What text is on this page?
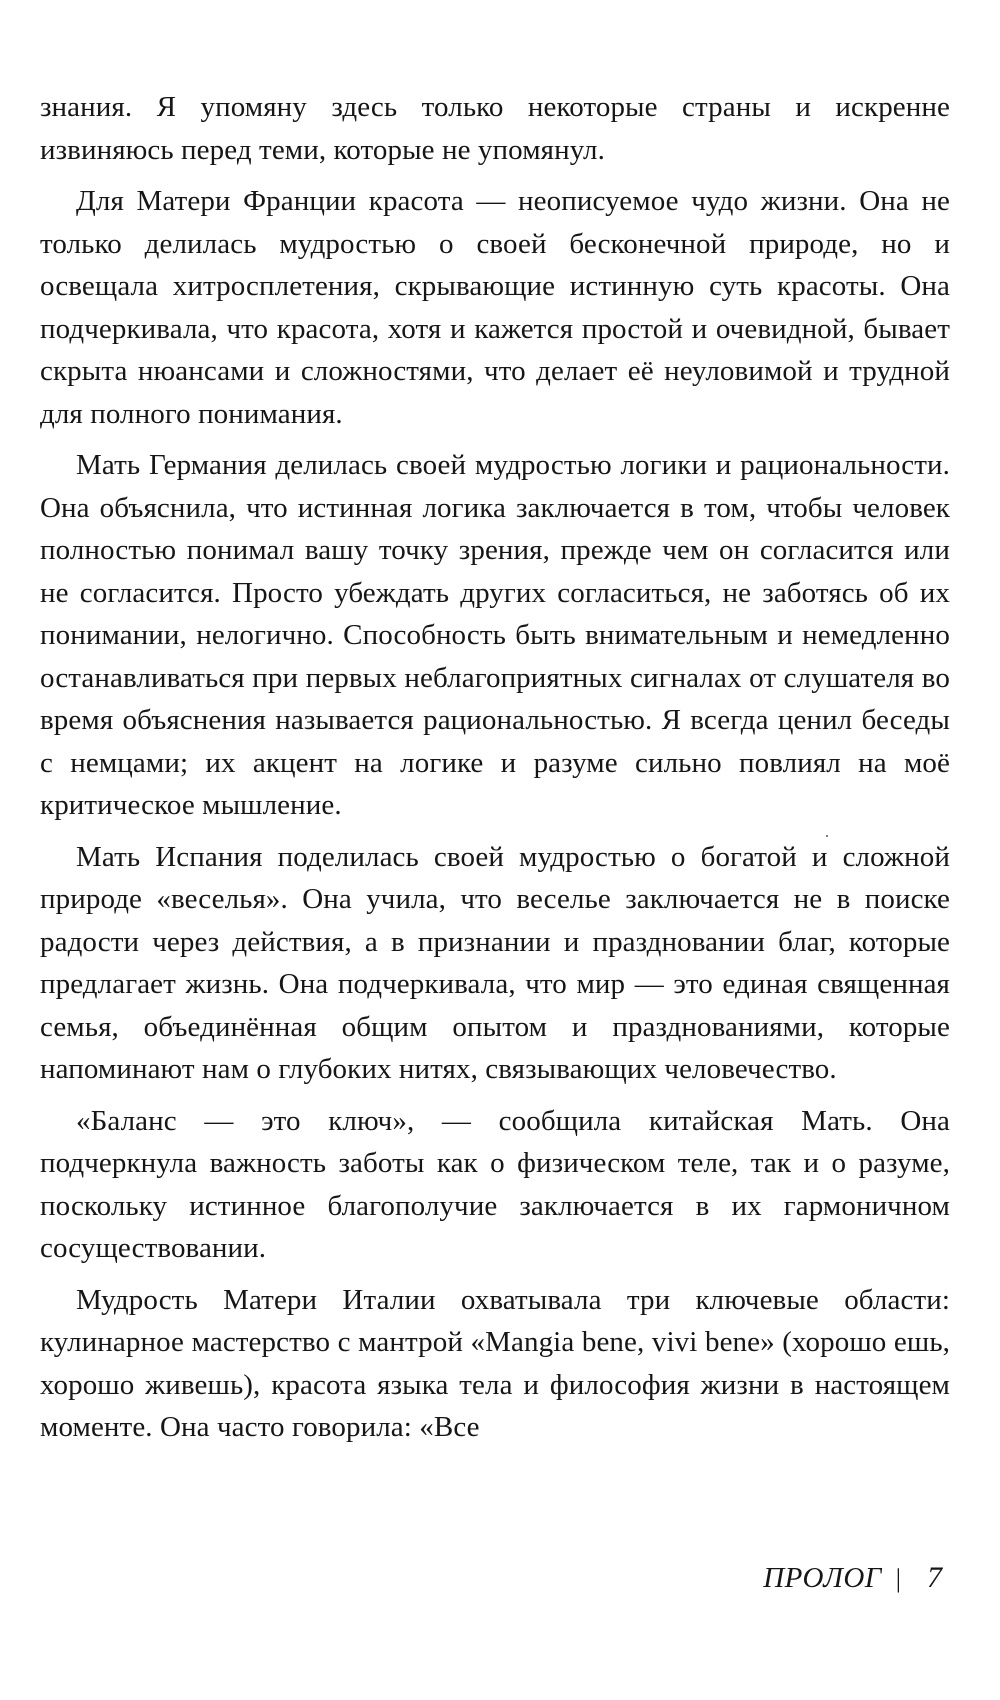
знания. Я упомяну здесь только некоторые страны и искренне извиняюсь перед теми, которые не упомянул.

Для Матери Франции красота — неописуемое чудо жизни. Она не только делилась мудростью о своей бесконечной природе, но и освещала хитросплетения, скрывающие истинную суть красоты. Она подчеркивала, что красота, хотя и кажется простой и очевидной, бывает скрыта нюансами и сложностями, что делает её неуловимой и трудной для полного понимания.

Мать Германия делилась своей мудростью логики и рациональности. Она объяснила, что истинная логика заключается в том, чтобы человек полностью понимал вашу точку зрения, прежде чем он согласится или не согласится. Просто убеждать других согласиться, не заботясь об их понимании, нелогично. Способность быть внимательным и немедленно останавливаться при первых неблагоприятных сигналах от слушателя во время объяснения называется рациональностью. Я всегда ценил беседы с немцами; их акцент на логике и разуме сильно повлиял на моё критическое мышление.

Мать Испания поделилась своей мудростью о богатой и сложной природе «веселья». Она учила, что веселье заключается не в поиске радости через действия, а в признании и праздновании благ, которые предлагает жизнь. Она подчеркивала, что мир — это единая священная семья, объединённая общим опытом и празднованиями, которые напоминают нам о глубоких нитях, связывающих человечество.

«Баланс — это ключ», — сообщила китайская Мать. Она подчеркнула важность заботы как о физическом теле, так и о разуме, поскольку истинное благополучие заключается в их гармоничном сосуществовании.

Мудрость Матери Италии охватывала три ключевые области: кулинарное мастерство с мантрой «Mangia bene, vivi bene» (хорошо ешь, хорошо живешь), красота языка тела и философия жизни в настоящем моменте. Она часто говорила: «Все

ПРОЛОГ | 7
